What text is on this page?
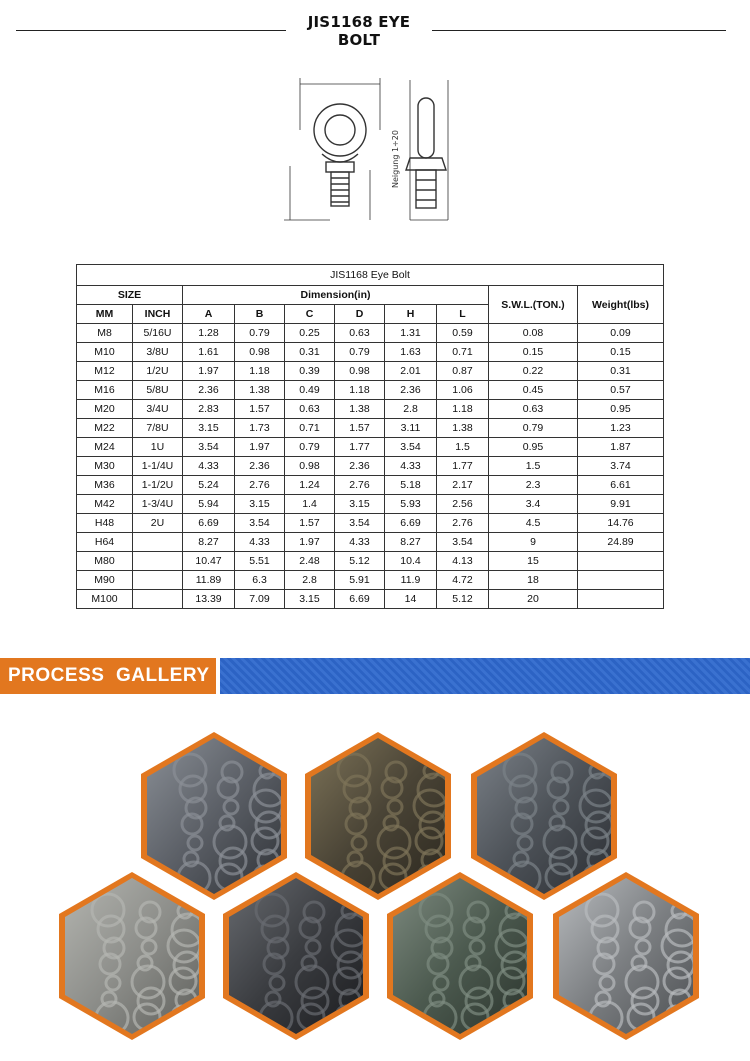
JIS1168 EYE BOLT
Neigung 1÷20
JIS1168 Eye Bolt									
SIZE		Dimension(in)						S.W.L.(TON.)	Weight(lbs)
MM	INCH	A	B	C	D	H	L		
M8	5/16U	1.28	0.79	0.25	0.63	1.31	0.59	0.08	0.09
M10	3/8U	1.61	0.98	0.31	0.79	1.63	0.71	0.15	0.15
M12	1/2U	1.97	1.18	0.39	0.98	2.01	0.87	0.22	0.31
M16	5/8U	2.36	1.38	0.49	1.18	2.36	1.06	0.45	0.57
M20	3/4U	2.83	1.57	0.63	1.38	2.8	1.18	0.63	0.95
M22	7/8U	3.15	1.73	0.71	1.57	3.11	1.38	0.79	1.23
M24	1U	3.54	1.97	0.79	1.77	3.54	1.5	0.95	1.87
M30	1-1/4U	4.33	2.36	0.98	2.36	4.33	1.77	1.5	3.74
M36	1-1/2U	5.24	2.76	1.24	2.76	5.18	2.17	2.3	6.61
M42	1-3/4U	5.94	3.15	1.4	3.15	5.93	2.56	3.4	9.91
H48	2U	6.69	3.54	1.57	3.54	6.69	2.76	4.5	14.76
H64		8.27	4.33	1.97	4.33	8.27	3.54	9	24.89
M80		10.47	5.51	2.48	5.12	10.4	4.13	15	
M90		11.89	6.3	2.8	5.91	11.9	4.72	18	
M100		13.39	7.09	3.15	6.69	14	5.12	20	
PROCESS  GALLERY
